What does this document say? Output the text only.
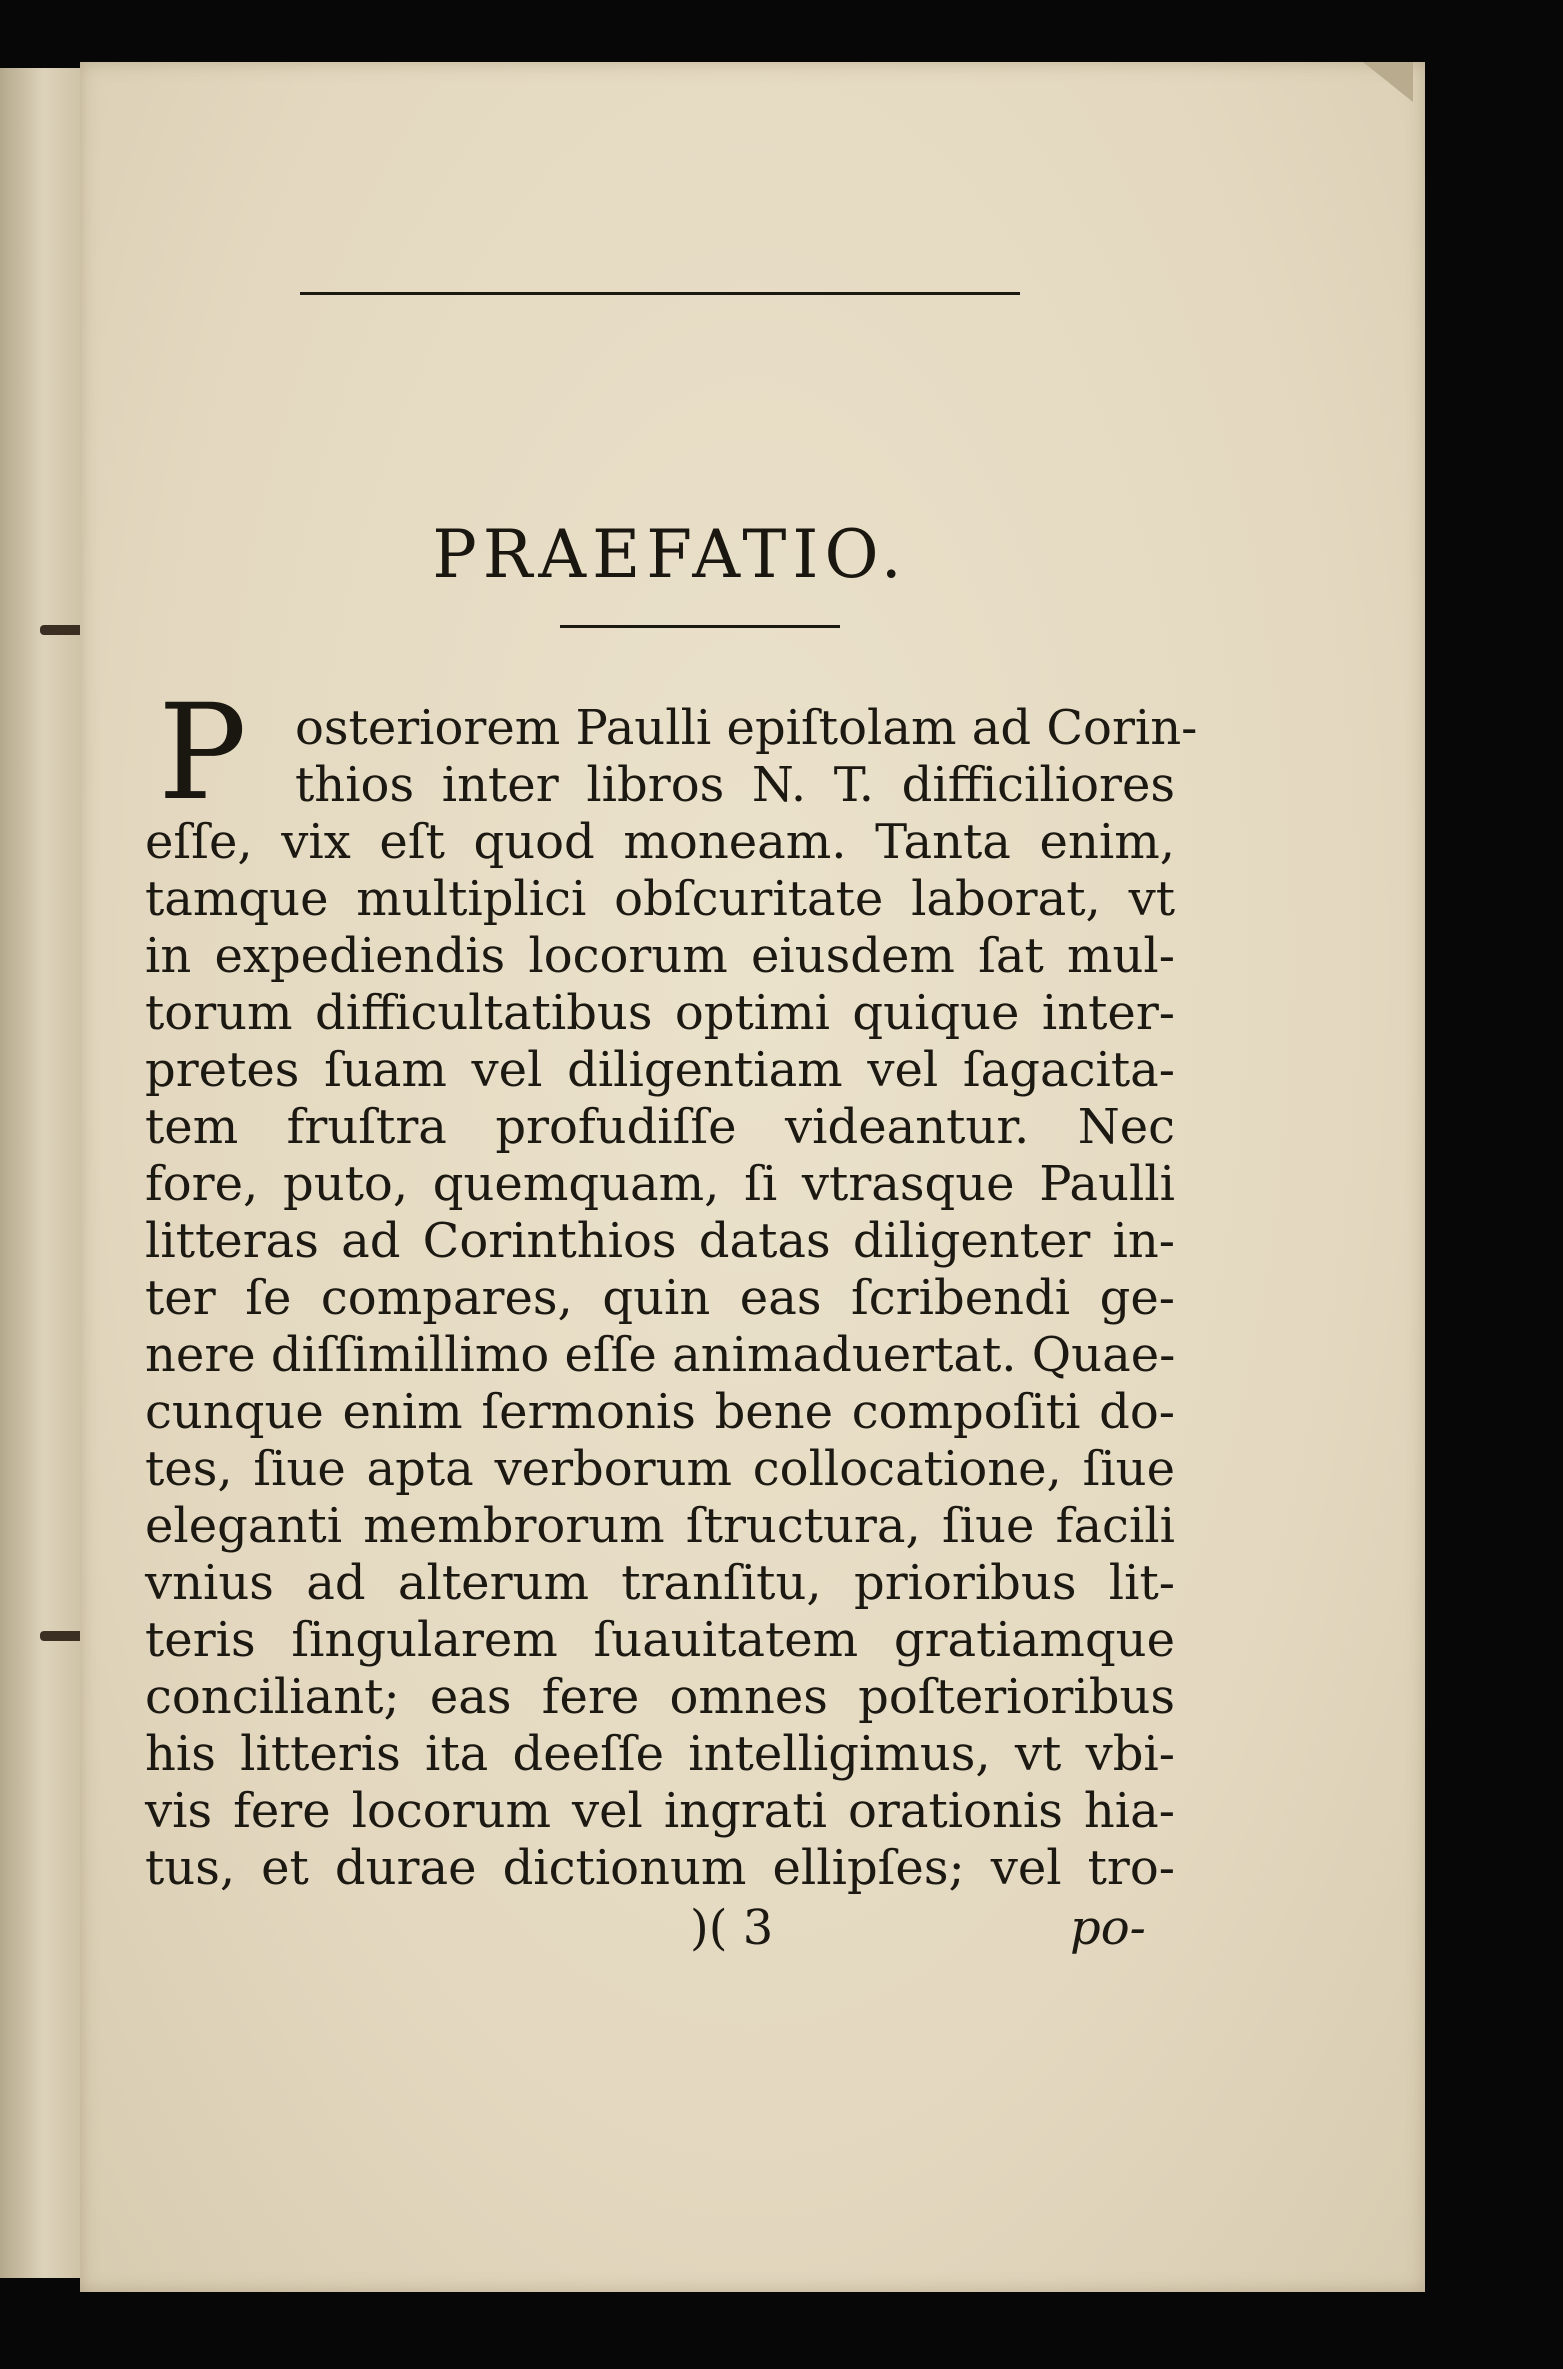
PRAEFATIO.
P	osteriorem Paulli epiſtolam ad Corin-
thios inter libros N. T. difficiliores
eſſe, vix eſt quod moneam. Tanta enim,
tamque multiplici obſcuritate laborat, vt
in expediendis locorum eiusdem ſat mul-
torum difficultatibus optimi quique inter-
pretes ſuam vel diligentiam vel ſagacita-
tem fruſtra profudiſſe videantur. Nec
fore, puto, quemquam, ſi vtrasque Paulli
litteras ad Corinthios datas diligenter in-
ter ſe compares, quin eas ſcribendi ge-
nere diſſimillimo eſſe animaduertat. Quae-
cunque enim ſermonis bene compoſiti do-
tes, ſiue apta verborum collocatione, ſiue
eleganti membrorum ſtructura, ſiue facili
vnius ad alterum tranſitu, prioribus lit-
teris ſingularem ſuauitatem gratiamque
conciliant; eas fere omnes poſterioribus
his litteris ita deeſſe intelligimus, vt vbi-
vis fere locorum vel ingrati orationis hia-
tus, et durae dictionum ellipſes; vel tro-
)( 3	po-
